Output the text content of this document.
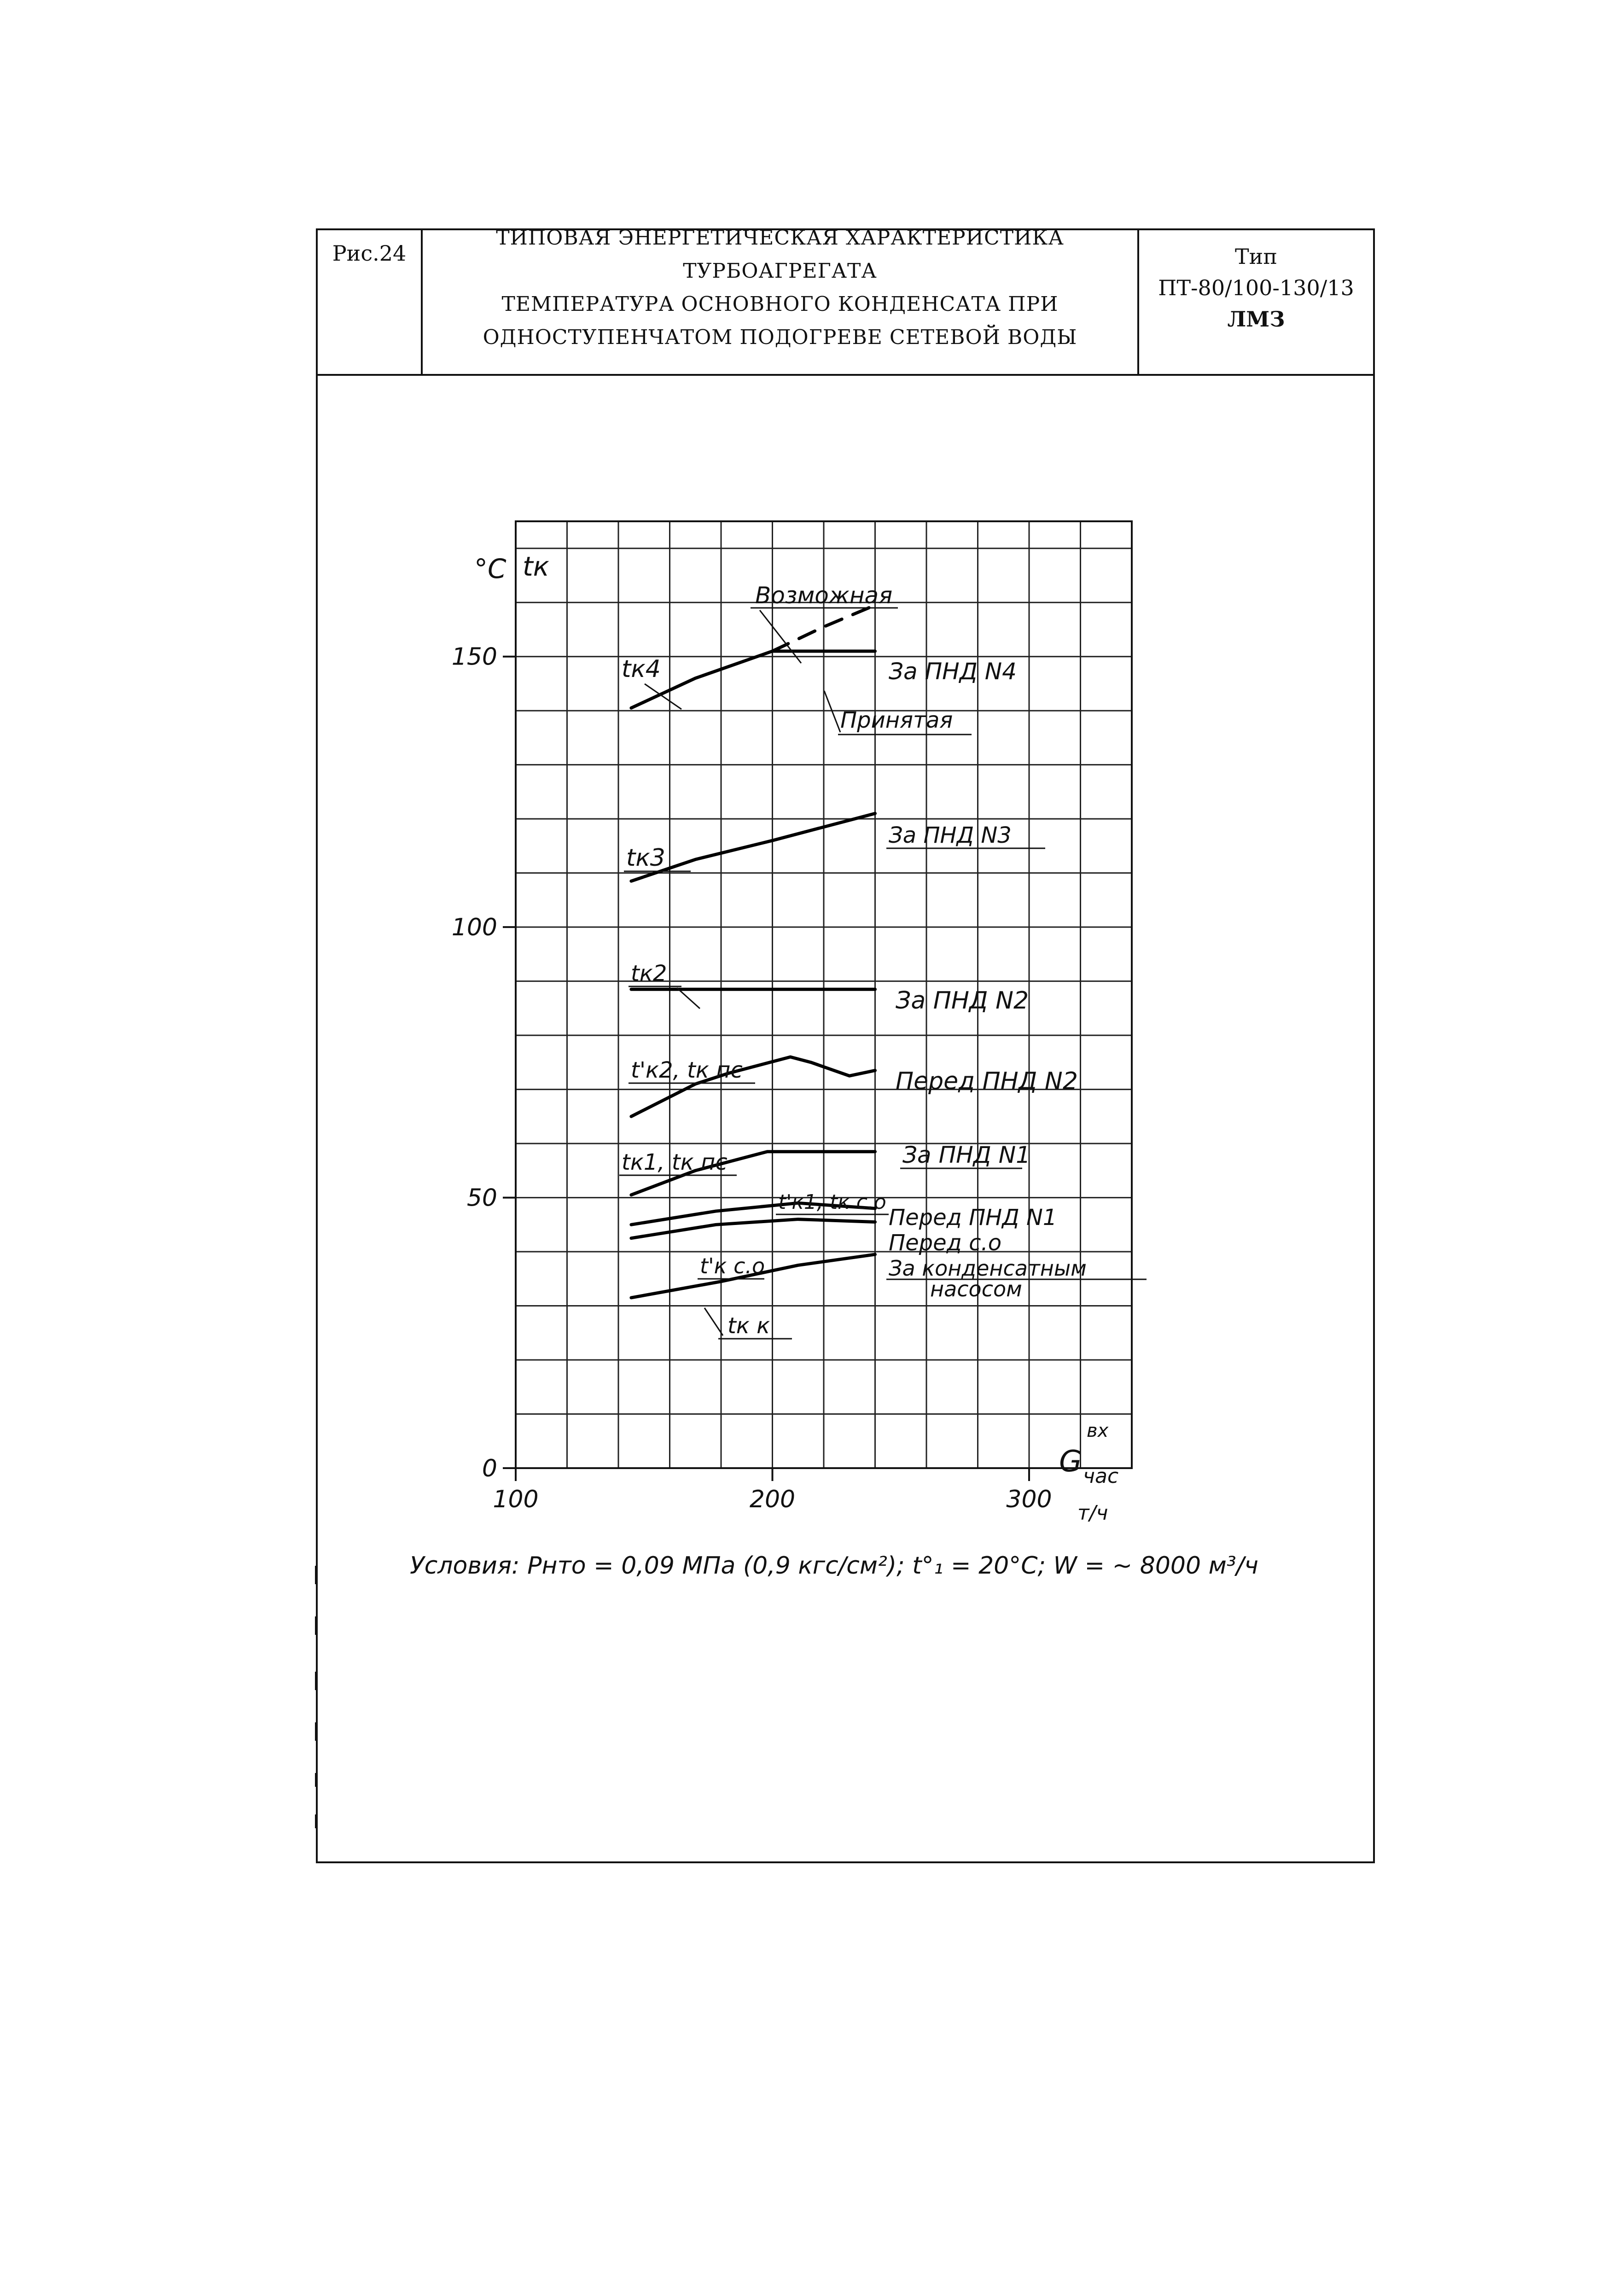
Рис.24
ТИПОВАЯ ЭНЕРГЕТИЧЕСКАЯ ХАРАКТЕРИСТИКА ТУРБОАГРЕГАТА
ТЕМПЕРАТУРА ОСНОВНОГО КОНДЕНСАТА ПРИ
ОДНОСТУПЕНЧАТОМ ПОДОГРЕВЕ СЕТЕВОЙ ВОДЫ
Тип
ПТ-80/100-130/13
ЛМЗ
0
50
100
150
100	200	300
°C tк
вх
G час
т/ч
Возможная
tк4	За ПНД N4
Принятая
tк3
За ПНД N3
tк2
За ПНД N2
t'к2, tк пс	Перед ПНД N2
tк1, tк пс	За ПНД N1
t'к1, tк с.о
Перед ПНД N1
Перед с.о
За конденсатным
насосом
t'к с.о
tк к
Условия: Pнто = 0,09 МПа (0,9 кгс/см²); t°₁ = 20°C; W = ~ 8000 м³/ч
